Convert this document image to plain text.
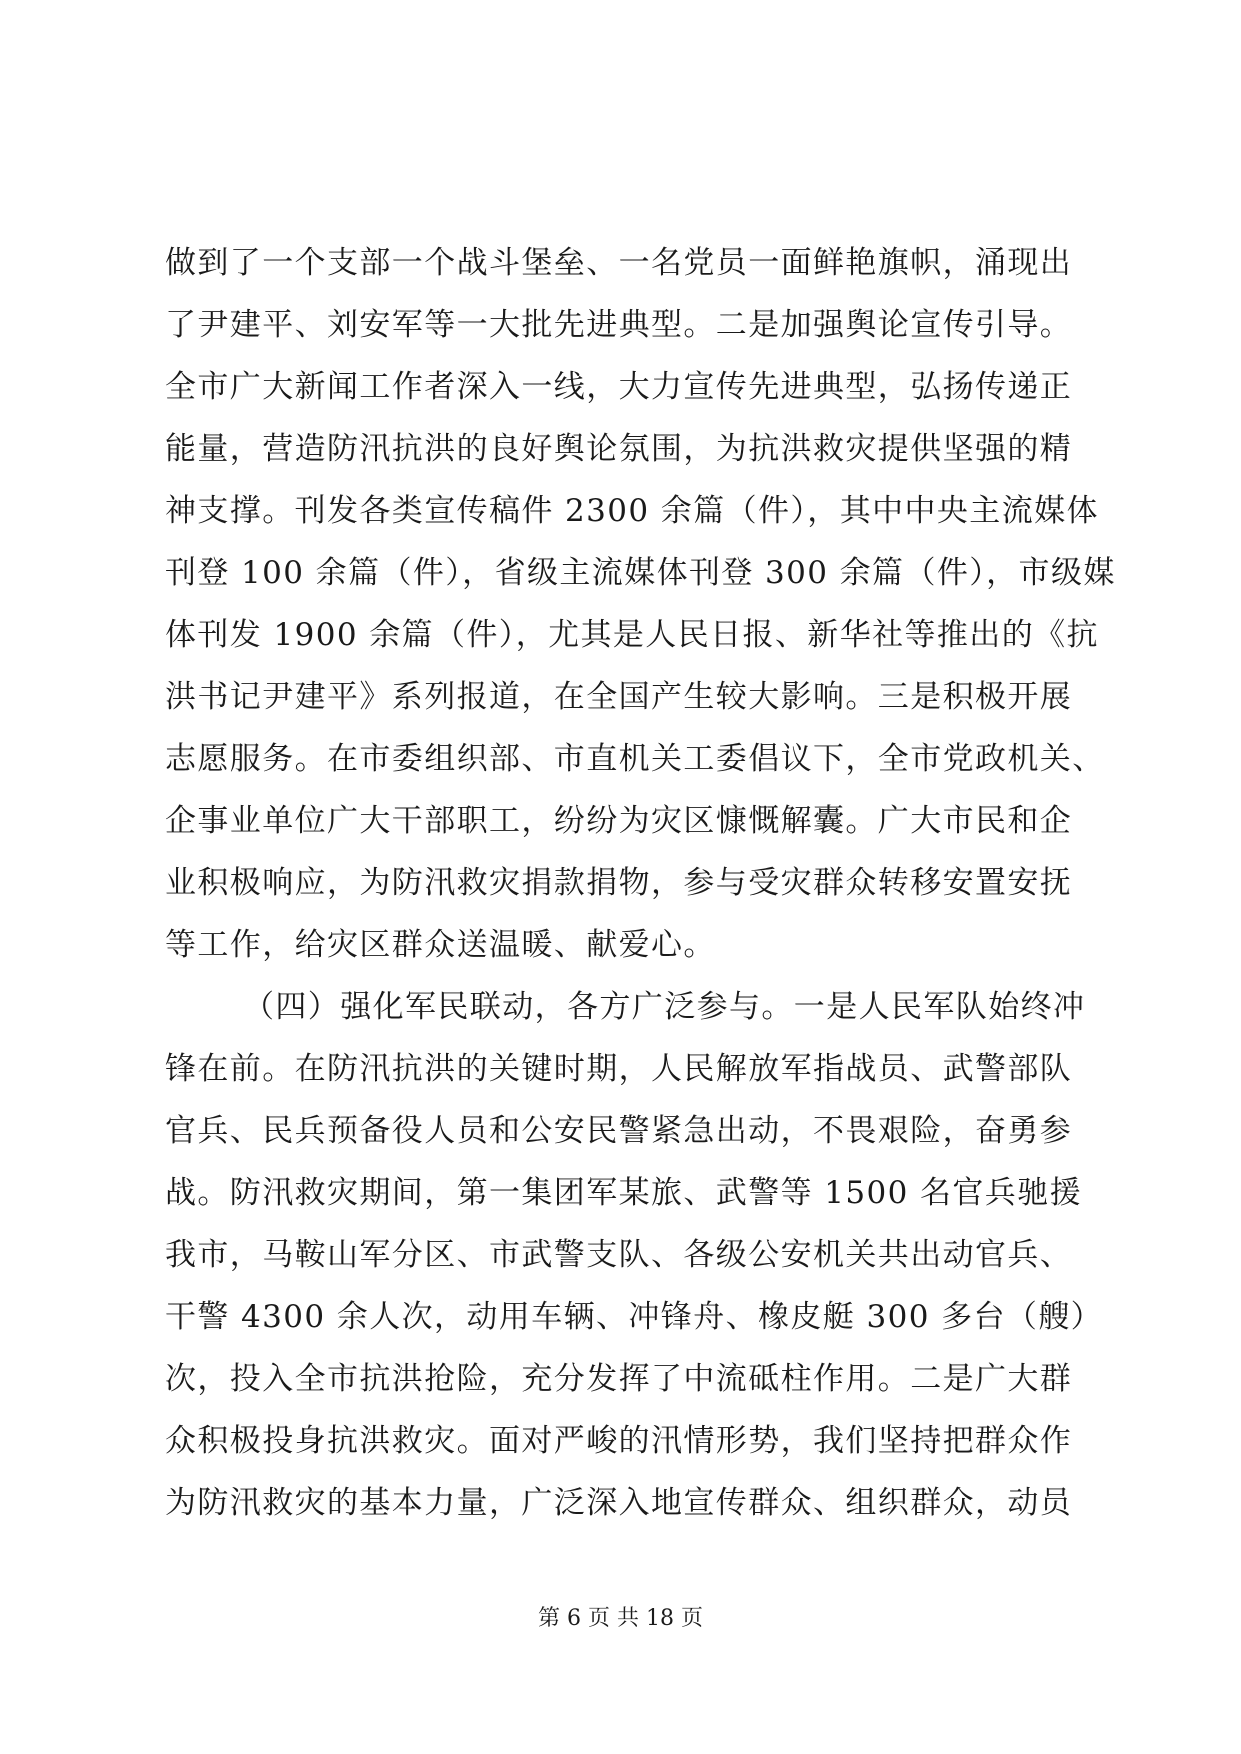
做到了一个支部一个战斗堡垒、一名党员一面鲜艳旗帜，涌现出
了尹建平、刘安军等一大批先进典型。二是加强舆论宣传引导。
全市广大新闻工作者深入一线，大力宣传先进典型，弘扬传递正
能量，营造防汛抗洪的良好舆论氛围，为抗洪救灾提供坚强的精
神支撑。刊发各类宣传稿件 2300 余篇（件），其中中央主流媒体
刊登 100 余篇（件），省级主流媒体刊登 300 余篇（件），市级媒
体刊发 1900 余篇（件），尤其是人民日报、新华社等推出的《抗
洪书记尹建平》系列报道，在全国产生较大影响。三是积极开展
志愿服务。在市委组织部、市直机关工委倡议下，全市党政机关、
企事业单位广大干部职工，纷纷为灾区慷慨解囊。广大市民和企
业积极响应，为防汛救灾捐款捐物，参与受灾群众转移安置安抚
等工作，给灾区群众送温暖、献爱心。
（四）强化军民联动，各方广泛参与。一是人民军队始终冲
锋在前。在防汛抗洪的关键时期，人民解放军指战员、武警部队
官兵、民兵预备役人员和公安民警紧急出动，不畏艰险，奋勇参
战。防汛救灾期间，第一集团军某旅、武警等 1500 名官兵驰援
我市，马鞍山军分区、市武警支队、各级公安机关共出动官兵、
干警 4300 余人次，动用车辆、冲锋舟、橡皮艇 300 多台（艘）
次，投入全市抗洪抢险，充分发挥了中流砥柱作用。二是广大群
众积极投身抗洪救灾。面对严峻的汛情形势，我们坚持把群众作
为防汛救灾的基本力量，广泛深入地宣传群众、组织群众，动员
第 6 页 共 18 页
